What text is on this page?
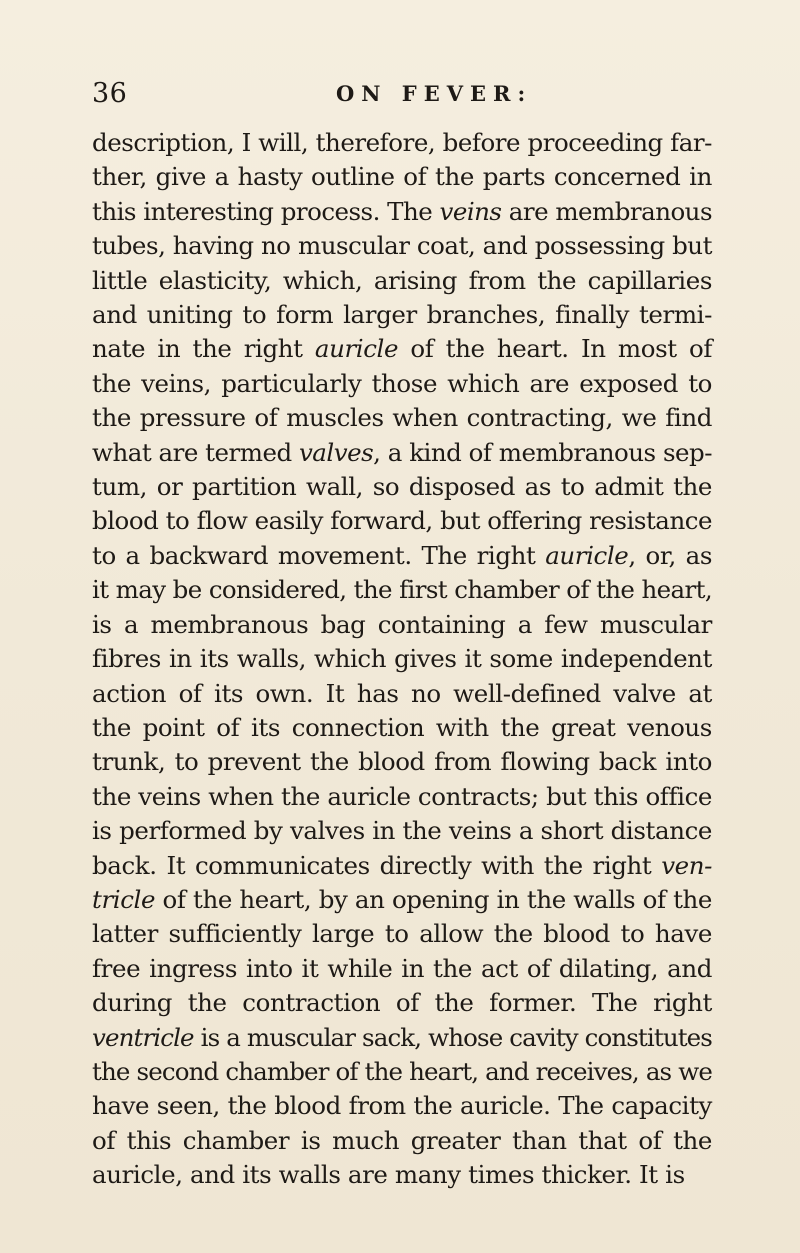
36	ON FEVER:
description, I will, therefore, before proceeding far-
ther, give a hasty outline of the parts concerned in
this interesting process. The veins are membranous
tubes, having no muscular coat, and possessing but
little elasticity, which, arising from the capillaries
and uniting to form larger branches, finally termi-
nate in the right auricle of the heart. In most of
the veins, particularly those which are exposed to
the pressure of muscles when contracting, we find
what are termed valves, a kind of membranous sep-
tum, or partition wall, so disposed as to admit the
blood to flow easily forward, but offering resistance
to a backward movement. The right auricle, or, as
it may be considered, the first chamber of the heart,
is a membranous bag containing a few muscular
fibres in its walls, which gives it some independent
action of its own. It has no well-defined valve at
the point of its connection with the great venous
trunk, to prevent the blood from flowing back into
the veins when the auricle contracts; but this office
is performed by valves in the veins a short distance
back. It communicates directly with the right ven-
tricle of the heart, by an opening in the walls of the
latter sufficiently large to allow the blood to have
free ingress into it while in the act of dilating, and
during the contraction of the former. The right
ventricle is a muscular sack, whose cavity constitutes
the second chamber of the heart, and receives, as we
have seen, the blood from the auricle. The capacity
of this chamber is much greater than that of the
auricle, and its walls are many times thicker. It is
